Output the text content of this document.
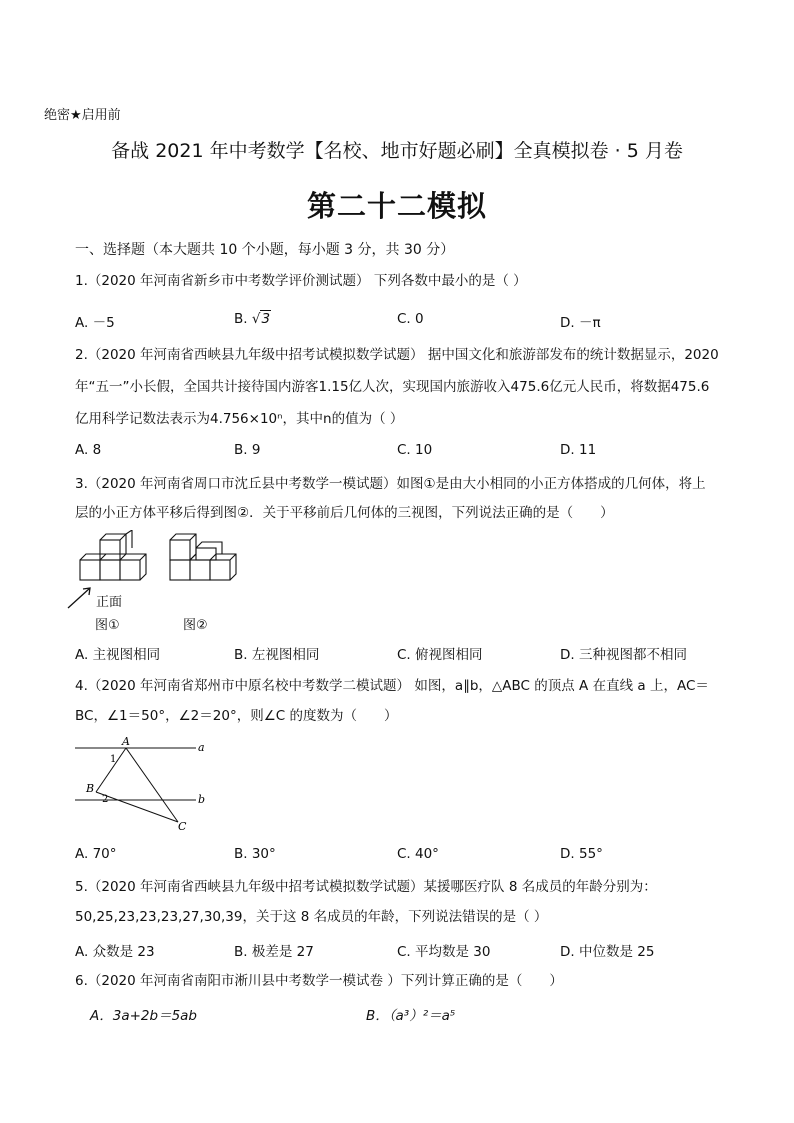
绝密★启用前
备战 2021 年中考数学【名校、地市好题必刷】全真模拟卷 · 5 月卷
第二十二模拟
一、选择题（本大题共 10 个小题，每小题 3 分，共 30 分）
1.（2020 年河南省新乡市中考数学评价测试题） 下列各数中最小的是（ ）
A. －5	B. √3	C. 0	D. －π
2.（2020 年河南省西峡县九年级中招考试模拟数学试题） 据中国文化和旅游部发布的统计数据显示，2020
年“五一”小长假，全国共计接待国内游客1.15亿人次，实现国内旅游收入475.6亿元人民币，将数据475.6
亿用科学记数法表示为4.756×10ⁿ，其中n的值为（ ）
A. 8	B. 9	C. 10	D. 11
3.（2020 年河南省周口市沈丘县中考数学一模试题）如图①是由大小相同的小正方体搭成的几何体，将上
层的小正方体平移后得到图②．关于平移前后几何体的三视图，下列说法正确的是（　　）
正面
图①	图②
A. 主视图相同	B. 左视图相同	C. 俯视图相同	D. 三种视图都不相同
4.（2020 年河南省郑州市中原名校中考数学二模试题） 如图，a∥b，△ABC 的顶点 A 在直线 a 上，AC＝
BC，∠1＝50°，∠2＝20°，则∠C 的度数为（　　）
A
B
C
a
b
1
2
A. 70°	B. 30°	C. 40°	D. 55°
5.（2020 年河南省西峡县九年级中招考试模拟数学试题）某援哪医疗队 8 名成员的年龄分别为：
50,25,23,23,23,27,30,39，关于这 8 名成员的年龄，下列说法错误的是（ ）
A. 众数是 23	B. 极差是 27	C. 平均数是 30	D. 中位数是 25
6.（2020 年河南省南阳市淅川县中考数学一模试卷 ）下列计算正确的是（　　）
A．3a+2b＝5ab	B．（a³）²＝a⁵
